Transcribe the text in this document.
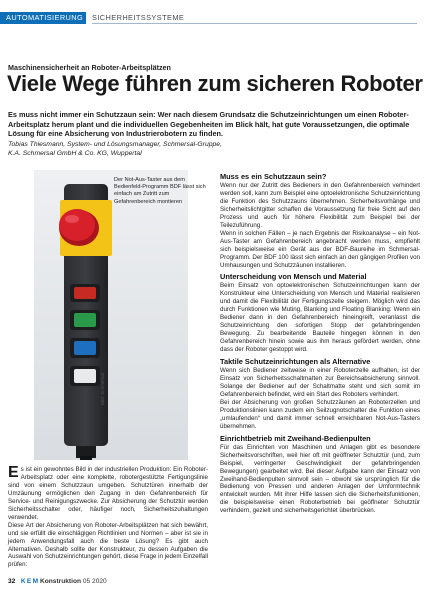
AUTOMATISIERUNG	SICHERHEITSSYSTEME
Maschinensicherheit an Roboter-Arbeitsplätzen
Viele Wege führen zum sicheren Roboter
Es muss nicht immer ein Schutzzaun sein: Wer nach diesem Grundsatz die Schutzeinrichtungen um einen Roboter-Arbeitsplatz herum plant und die individuellen Gegebenheiten im Blick hält, hat gute Voraussetzungen, die optimale Lösung für eine Absicherung von Industrierobotern zu finden.
Tobias Thiesmann, System- und Lösungsmanager, Schmersal-Gruppe,
K.A. Schmersal GmbH & Co. KG, Wuppertal
Der Not-Aus-Taster aus dem Bedienfeld-Programm BDF lässt sich einfach am Zutritt zum Gefahrenbereich montieren
Bild: Schmersal
Muss es ein Schutzzaun sein?

Wenn nur der Zutritt des Bedieners in den Gefahrenbereich verhindert werden soll, kann zum Beispiel eine optoelektronische Schutzeinrichtung die Funktion des Schutzzauns übernehmen. Sicherheitsvorhänge und Sicherheitslichtgitter schaffen die Voraussetzung für freie Sicht auf den Prozess und auch für höhere Flexibilität zum Beispiel bei der Teilezuführung.

Wenn in solchen Fällen – je nach Ergebnis der Risikoanalyse – ein Not-Aus-Taster am Gefahrenbereich angebracht werden muss, empfiehlt sich beispielsweise ein Gerät aus der BDF-Baureihe im Schmersal-Programm. Der BDF 100 lässt sich einfach an den gängigen Profilen von Umhausungen und Schutzzäunen installieren.

Unterscheidung von Mensch und Material

Beim Einsatz von optoelektronischen Schutzeinrichtungen kann der Konstrukteur eine Unterscheidung von Mensch und Material realisieren und damit die Flexibilität der Fertigungszelle steigern. Möglich wird das durch Funktionen wie Muting, Blanking und Floating Blanking: Wenn ein Bediener dann in den Gefahrenbereich hineingreift, veranlasst die Schutzeinrichtung den sofortigen Stopp der gefahrbringenden Bewegung. Zu bearbeitende Bauteile hingegen können in den Gefahrenbereich hinein sowie aus ihm heraus gefördert werden, ohne dass der Roboter gestoppt wird.

Taktile Schutzeinrichtungen als Alternative

Wenn sich Bediener zeitweise in einer Roboterzelle aufhalten, ist der Einsatz von Sicherheitsschaltmatten zur Bereichsabsicherung sinnvoll. Solange der Bediener auf der Schaltmatte steht und sich somit im Gefahrenbereich befindet, wird ein Start des Roboters verhindert.

Bei der Absicherung von großen Schutzzäunen an Roboterzellen und Produktionslinien kann zudem ein Seilzugnotschalter die Funktion eines „umlaufenden“ und damit immer schnell erreichbaren Not-Aus-Tasters übernehmen.

Einrichtbetrieb mit Zweihand-Bedienpulten

Für das Einrichten von Maschinen und Anlagen gibt es besondere Sicherheitsvorschriften, weil hier oft mit geöffneter Schutztür (und, zum Beispiel, verringerter Geschwindigkeit der gefahrbringenden Bewegungen) gearbeitet wird. Bei dieser Aufgabe kann der Einsatz von Zweihand-Bedienpulten sinnvoll sein – obwohl sie ursprünglich für die Bedienung von Pressen und anderen Anlagen der Umformtechnik entwickelt wurden. Mit ihrer Hilfe lassen sich die Sicherheitsfunktionen, die beispielsweise einen Roboterbetrieb bei geöffneter Schutztür verhindern, gezielt und sicherheitsgerichtet überbrücken.

Es ist ein gewohntes Bild in der industriellen Produktion: Ein Roboter-Arbeitsplatz oder eine komplette, robotergestützte Fertigungslinie sind von einem Schutzzaun umgeben. Schutztüren innerhalb der Umzäunung ermöglichen den Zugang in den Gefahrenbereich für Service- und Reinigungszwecke. Zur Absicherung der Schutztür werden Sicherheitsschalter oder, häufiger noch, Sicherheitszuhaltungen verwendet.

Diese Art der Absicherung von Roboter-Arbeitsplätzen hat sich bewährt, und sie erfüllt die einschlägigen Richtlinien und Normen – aber ist sie in jedem Anwendungsfall auch die beste Lösung? Es gibt auch Alternativen. Deshalb sollte der Konstrukteur, zu dessen Aufgaben die Auswahl von Schutzeinrichtungen gehört, diese Frage in jedem Einzelfall prüfen:

32 K E M Konstruktion 05 2020
